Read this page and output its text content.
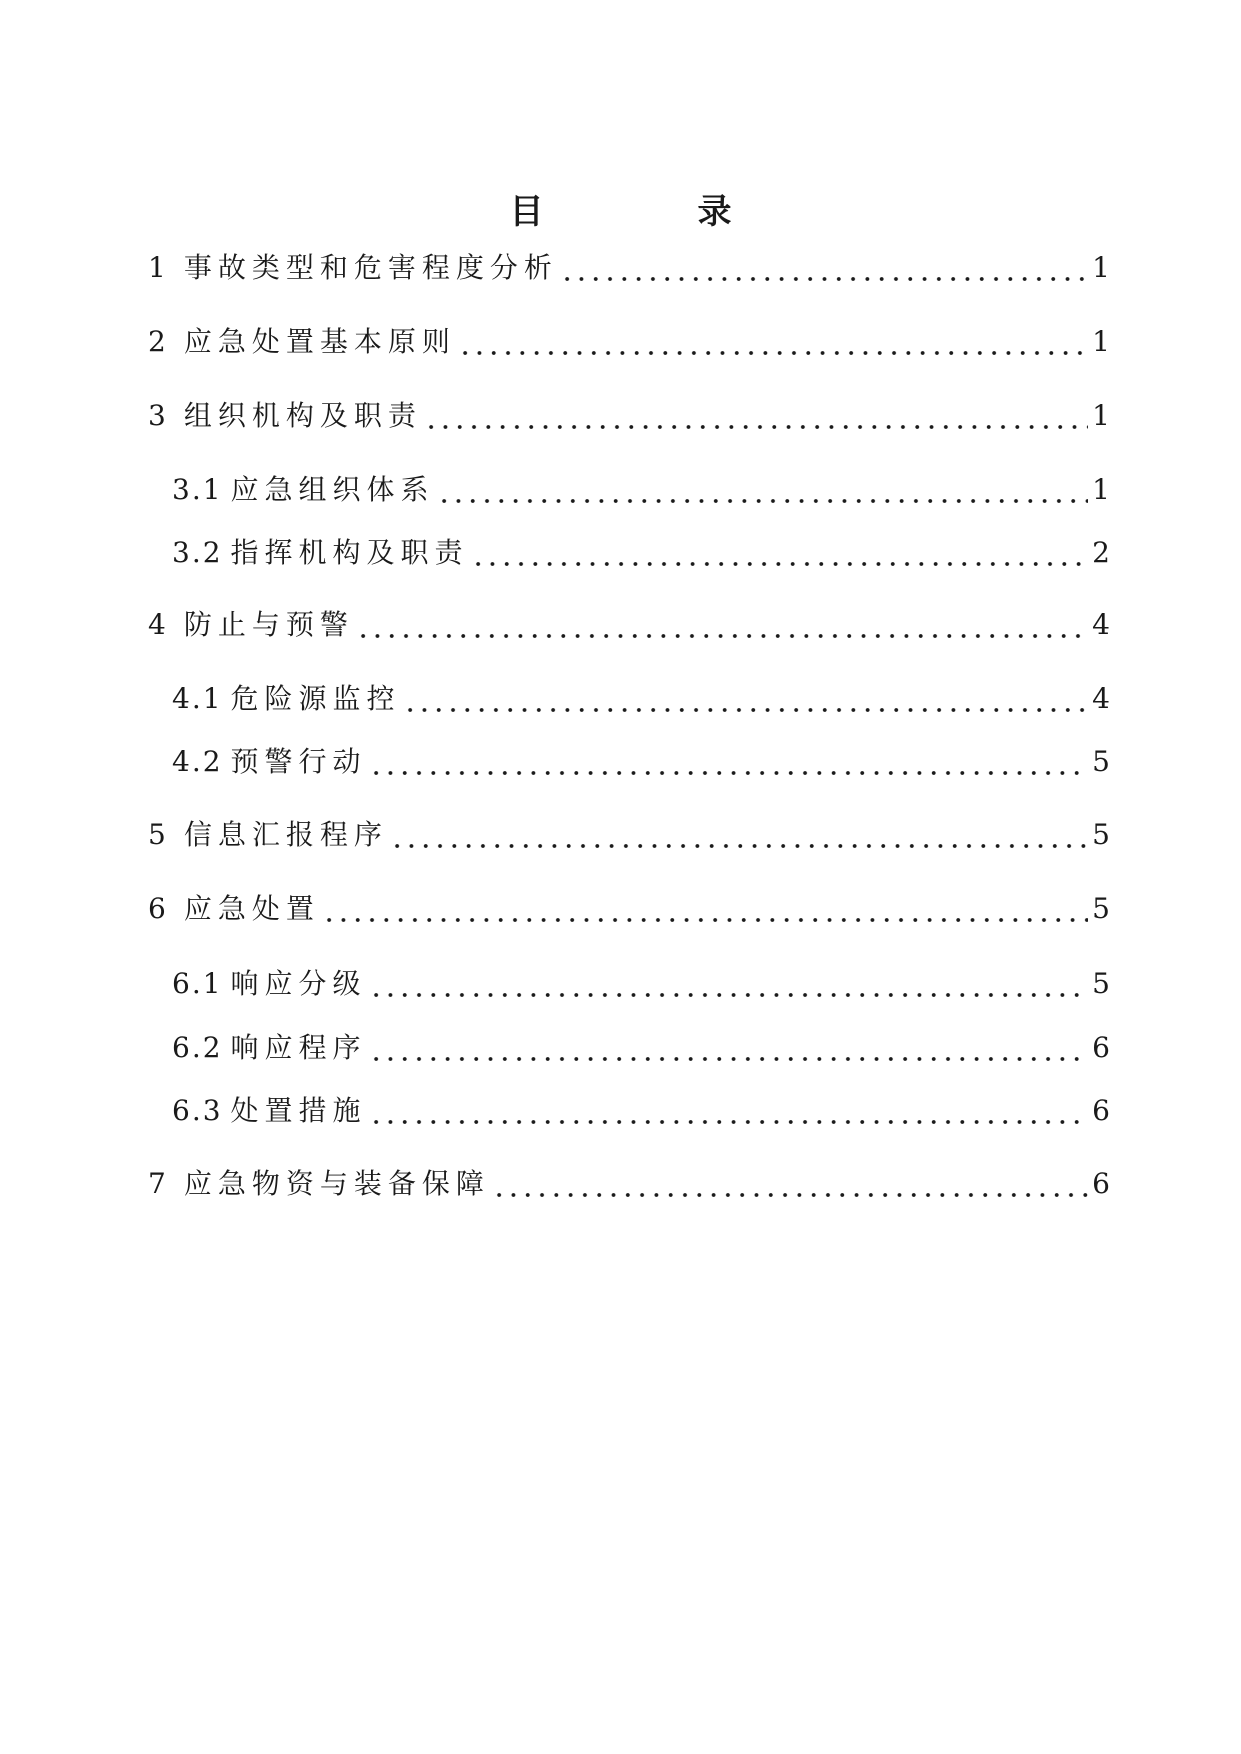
目　录
1 事故类型和危害程度分析	1
2 应急处置基本原则	1
3 组织机构及职责	1
3.1 应急组织体系	1
3.2 指挥机构及职责	2
4 防止与预警	4
4.1 危险源监控	4
4.2 预警行动	5
5 信息汇报程序	5
6 应急处置	5
6.1 响应分级	5
6.2 响应程序	6
6.3 处置措施	6
7 应急物资与装备保障	6
